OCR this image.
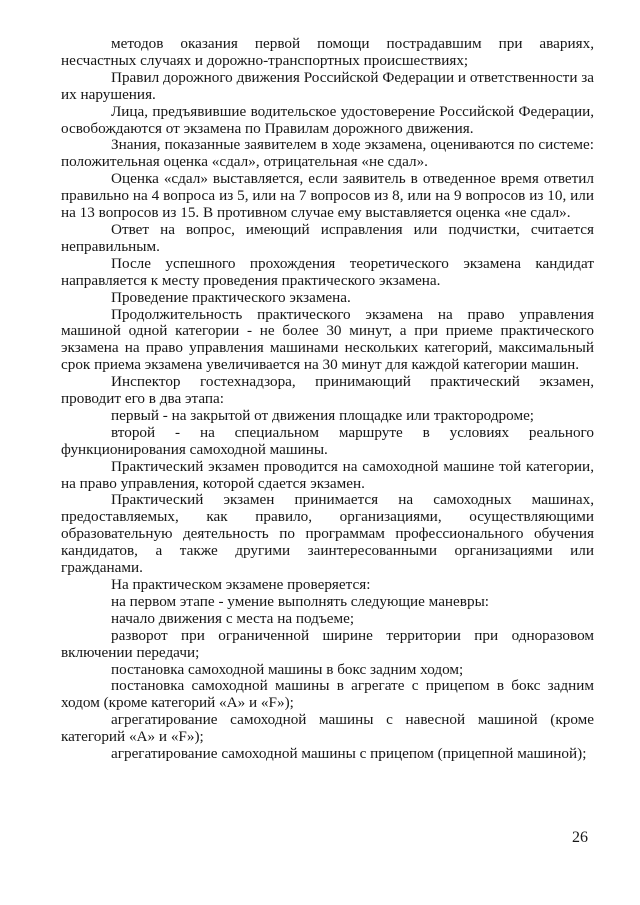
методов оказания первой помощи пострадавшим при авариях, несчастных случаях и дорожно-транспортных происшествиях;

Правил дорожного движения Российской Федерации и ответственности за их нарушения.

Лица, предъявившие водительское удостоверение Российской Федерации, освобождаются от экзамена по Правилам дорожного движения.

Знания, показанные заявителем в ходе экзамена, оцениваются по системе: положительная оценка «сдал», отрицательная «не сдал».

Оценка «сдал» выставляется, если заявитель в отведенное время ответил правильно на 4 вопроса из 5, или на 7 вопросов из 8, или на 9 вопросов из 10, или на 13 вопросов из 15. В противном случае ему выставляется оценка «не сдал».

Ответ на вопрос, имеющий исправления или подчистки, считается неправильным.

После успешного прохождения теоретического экзамена кандидат направляется к месту проведения практического экзамена.

Проведение практического экзамена.

Продолжительность практического экзамена на право управления машиной одной категории - не более 30 минут, а при приеме практического экзамена на право управления машинами нескольких категорий, максимальный срок приема экзамена увеличивается на 30 минут для каждой категории машин.

Инспектор гостехнадзора, принимающий практический экзамен, проводит его в два этапа:

первый - на закрытой от движения площадке или трактородроме;

второй - на специальном маршруте в условиях реального функционирования самоходной машины.

Практический экзамен проводится на самоходной машине той категории, на право управления, которой сдается экзамен.

Практический экзамен принимается на самоходных машинах, предоставляемых, как правило, организациями, осуществляющими образовательную деятельность по программам профессионального обучения кандидатов, а также другими заинтересованными организациями или гражданами.

На практическом экзамене проверяется:

на первом этапе - умение выполнять следующие маневры:

начало движения с места на подъеме;

разворот при ограниченной ширине территории при одноразовом включении передачи;

постановка самоходной машины в бокс задним ходом;

постановка самоходной машины в агрегате с прицепом в бокс задним ходом (кроме категорий «A» и «F»);

агрегатирование самоходной машины с навесной машиной (кроме категорий «A» и «F»);

агрегатирование самоходной машины с прицепом (прицепной машиной);

26
